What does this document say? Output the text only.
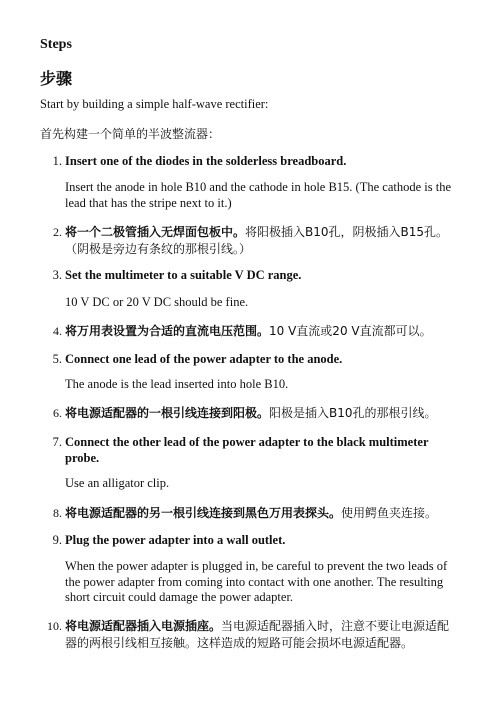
Steps
步骤

Start by building a simple half-wave rectifier:

首先构建一个简单的半波整流器：

1. Insert one of the diodes in the solderless breadboard.

Insert the anode in hole B10 and the cathode in hole B15. (The cathode is the lead that has the stripe next to it.)

2. 将一个二极管插入无焊面包板中。将阳极插入B10孔，阴极插入B15孔。（阴极是旁边有条纹的那根引线。）
3. Set the multimeter to a suitable V DC range.

10 V DC or 20 V DC should be fine.

4. 将万用表设置为合适的直流电压范围。10 V直流或20 V直流都可以。
5. Connect one lead of the power adapter to the anode.

The anode is the lead inserted into hole B10.

6. 将电源适配器的一根引线连接到阳极。阳极是插入B10孔的那根引线。
7. Connect the other lead of the power adapter to the black multimeter probe.

Use an alligator clip.

8. 将电源适配器的另一根引线连接到黑色万用表探头。使用鳄鱼夹连接。
9. Plug the power adapter into a wall outlet.

When the power adapter is plugged in, be careful to prevent the two leads of the power adapter from coming into contact with one another. The resulting short circuit could damage the power adapter.

10. 将电源适配器插入电源插座。当电源适配器插入时，注意不要让电源适配器的两根引线相互接触。这样造成的短路可能会损坏电源适配器。
